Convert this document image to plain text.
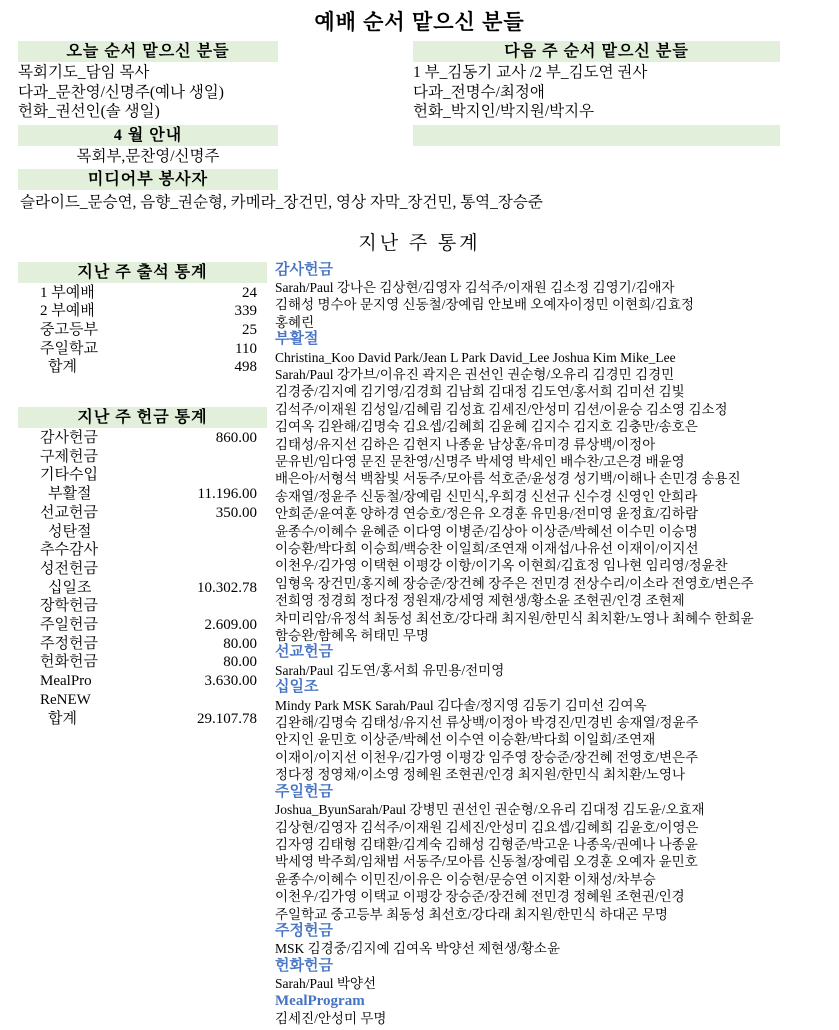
예배 순서 맡으신 분들
오늘 순서 맡으신 분들
목회기도_담임 목사
다과_문찬영/신명주(예나 생일)
헌화_권선인(솔 생일)
4 월 안내
목회부,문찬영/신명주
미디어부 봉사자
다음 주 순서 맡으신 분들
1 부_김동기 교사 /2 부_김도연 권사
다과_전명수/최정애
헌화_박지인/박지원/박지우
슬라이드_문승연, 음향_권순형, 카메라_장건민, 영상 자막_장건민, 통역_장승준
지난 주 통계
지난 주 출석 통계
1 부예배	24
2 부예배	339
중고등부	25
주일학교	110
합계	498
지난 주 헌금 통계
감사헌금	860.00
구제헌금
기타수입
부활절	11.196.00
선교헌금	350.00
성탄절
추수감사
성전헌금
십일조	10.302.78
장학헌금
주일헌금	2.609.00
주정헌금	80.00
헌화헌금	80.00
MealPro	3.630.00
ReNEW
합계	29.107.78
감사헌금
Sarah/Paul 강나은 김상현/김영자 김석주/이재원 김소정 김영기/김애자
김해성 명수아 문지영 신동철/장예림 안보배 오예자이정민 이현희/김효정
홍혜린
부활절
Christina_Koo David Park/Jean L Park David_Lee Joshua Kim Mike_Lee
Sarah/Paul 강가브/이유진 곽지은 권선인 권순형/오유리 김경민 김경민
김경중/김지예 김기영/김경희 김남희 김대정 김도연/홍서희 김미선 김빛
김석주/이재원 김성일/김혜림 김성효 김세진/안성미 김션/이윤승 김소영 김소정
김여옥 김완해/김명숙 김요셉/김혜희 김윤혜 김지수 김지호 김충만/송호은
김태성/유지선 김하은 김현지 나종윤 남상훈/유미경 류상백/이정아
문유빈/임다영 문진 문찬영/신명주 박세영 박세인 배수찬/고은경 배윤영
배은아/서형석 백참빛 서동주/모아름 석호준/윤성경 성기백/이해나 손민경 송용진
송재열/정윤주 신동철/장예림 신민식,우희경 신선규 신수경 신영인 안희라
안희준/윤여훈 양하경 연승호/정은유 오경훈 유민용/전미영 윤정효/김하람
윤종수/이혜수 윤혜준 이다영 이병준/김상아 이상준/박혜선 이수민 이승명
이승환/박다희 이승희/백승찬 이일희/조연재 이재섭/나유선 이재이/이지선
이천우/김가영 이택현 이평강 이항/이기옥 이현희/김효정 임나현 임리영/정윤찬
임형욱 장건민/홍지혜 장승준/장건혜 장주은 전민경 전상수리/이소라 전영호/변은주
전희영 정경희 정다정 정원재/강세영 제현생/황소윤 조현권/인경 조현제
차미리암/유정석 최동성 최선호/강다래 최지원/한민식 최치환/노영나 최혜수 한희윤
함승완/함혜옥 허태민 무명
선교헌금
Sarah/Paul 김도연/홍서희 유민용/전미영
십일조
Mindy Park MSK Sarah/Paul 김다솔/정지영 김동기 김미선 김여옥
김완해/김명숙 김태성/유지선 류상백/이정아 박경진/민경빈 송재열/정윤주
안지인 윤민호 이상준/박혜선 이수연 이승환/박다희 이일희/조연재
이재이/이지선 이천우/김가영 이평강 임주영 장승준/장건혜 전영호/변은주
정다정 정영채/이소영 정혜원 조현권/인경 최지원/한민식 최치환/노영나
주일헌금
Joshua_ByunSarah/Paul 강병민 권선인 권순형/오유리 김대정 김도윤/오효재
김상현/김영자 김석주/이재원 김세진/안성미 김요셉/김혜희 김윤호/이영은
김자영 김태형 김태환/김계숙 김해성 김형준/박고운 나종욱/권예나 나종윤
박세영 박주희/임채범 서동주/모아름 신동철/장예림 오경훈 오예자 윤민호
윤종수/이혜수 이민진/이유은 이승현/문승연 이지환 이채성/차부승
이천우/김가영 이택교 이평강 장승준/장건혜 전민경 정혜원 조현권/인경
주일학교 중고등부 최동성 최선호/강다래 최지원/한민식 하대곤 무명
주정헌금
MSK 김경중/김지예 김여옥 박양선 제현생/황소윤
헌화헌금
Sarah/Paul 박양선
MealProgram
김세진/안성미 무명
